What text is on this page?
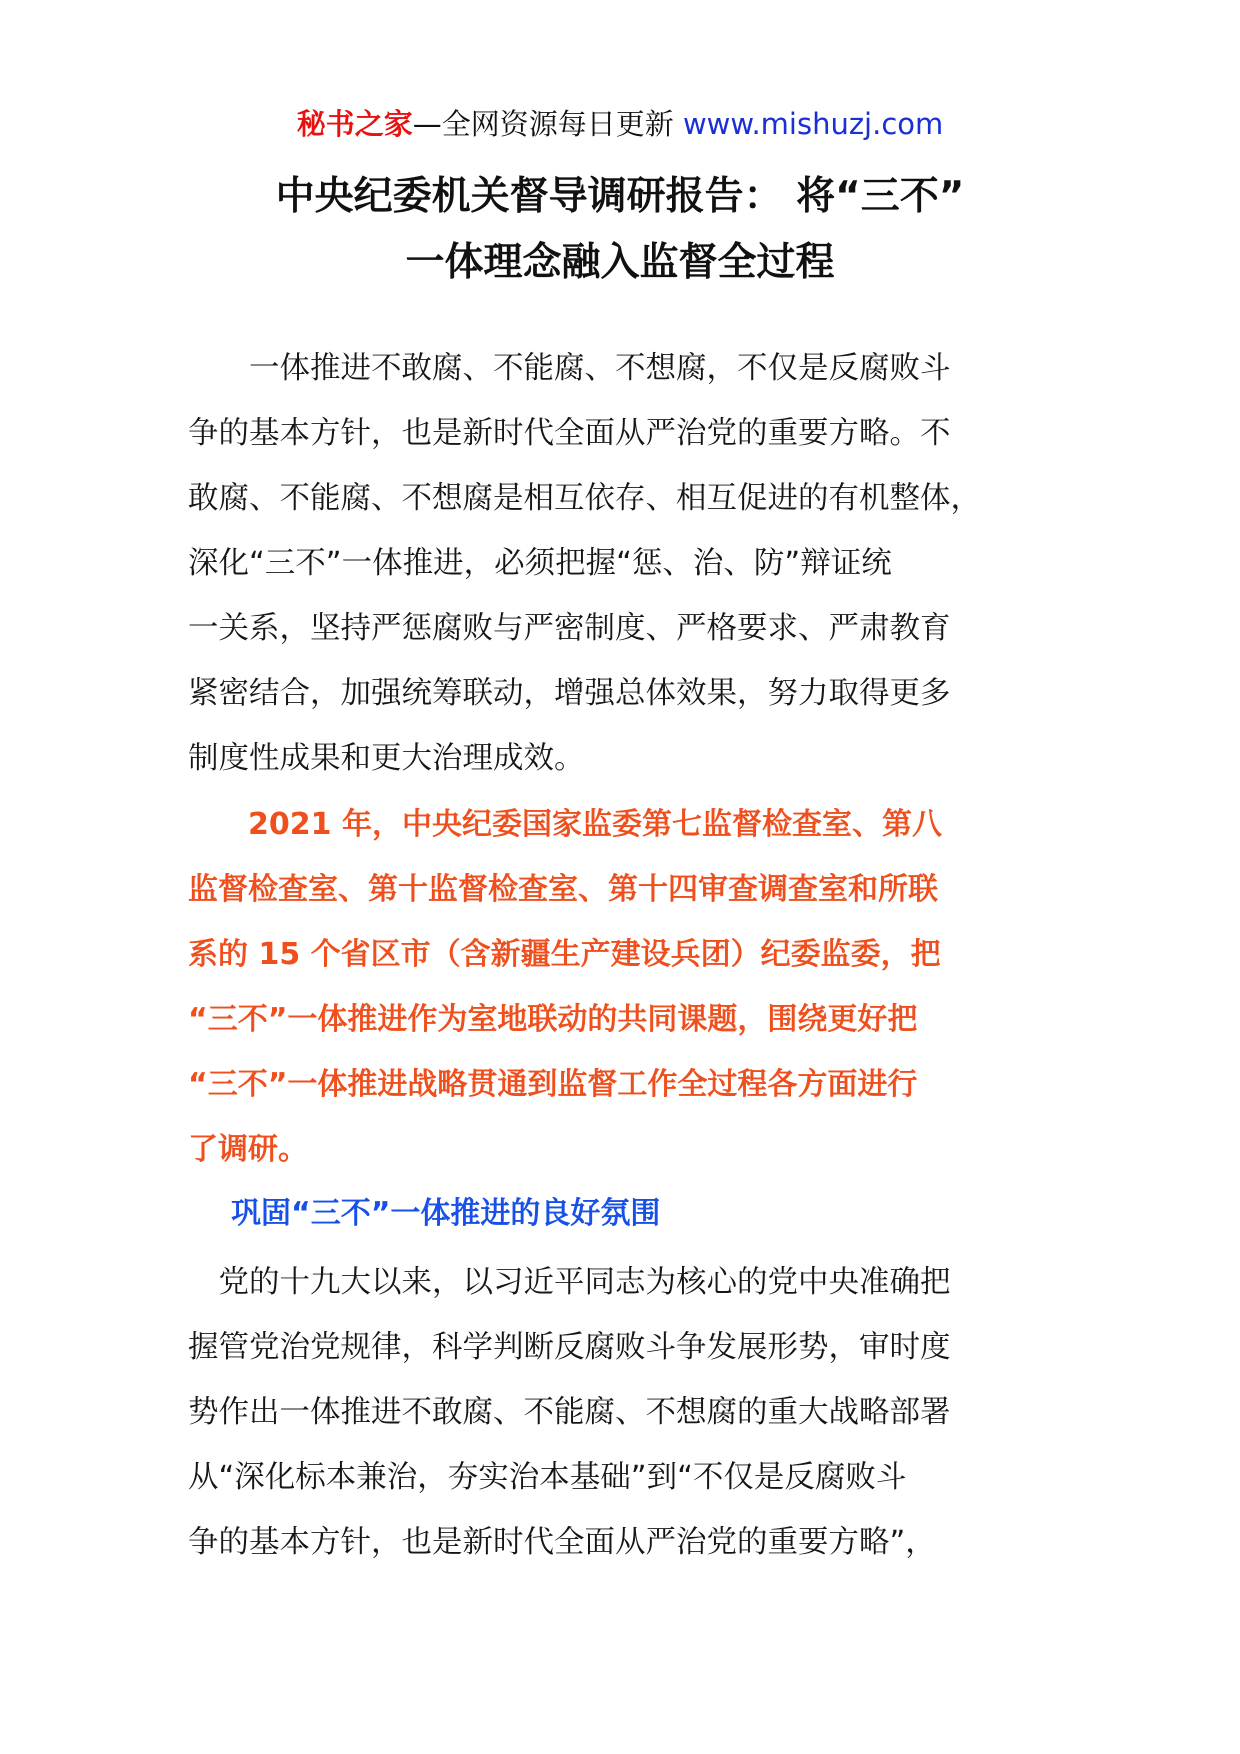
秘书之家—全网资源每日更新 www.mishuzj.com
中央纪委机关督导调研报告： 将“三不”
一体理念融入监督全过程
　　一体推进不敢腐、不能腐、不想腐，不仅是反腐败斗
争的基本方针，也是新时代全面从严治党的重要方略。不
敢腐、不能腐、不想腐是相互依存、相互促进的有机整体，
深化“三不”一体推进，必须把握“惩、治、防”辩证统
一关系，坚持严惩腐败与严密制度、严格要求、严肃教育
紧密结合，加强统筹联动，增强总体效果，努力取得更多
制度性成果和更大治理成效。
　　2021 年，中央纪委国家监委第七监督检查室、第八
监督检查室、第十监督检查室、第十四审查调查室和所联
系的 15 个省区市（含新疆生产建设兵团）纪委监委，把
“三不”一体推进作为室地联动的共同课题，围绕更好把
“三不”一体推进战略贯通到监督工作全过程各方面进行
了调研。
巩固“三不”一体推进的良好氛围
　党的十九大以来，以习近平同志为核心的党中央准确把
握管党治党规律，科学判断反腐败斗争发展形势，审时度
势作出一体推进不敢腐、不能腐、不想腐的重大战略部署
从“深化标本兼治，夯实治本基础”到“不仅是反腐败斗
争的基本方针，也是新时代全面从严治党的重要方略”，
